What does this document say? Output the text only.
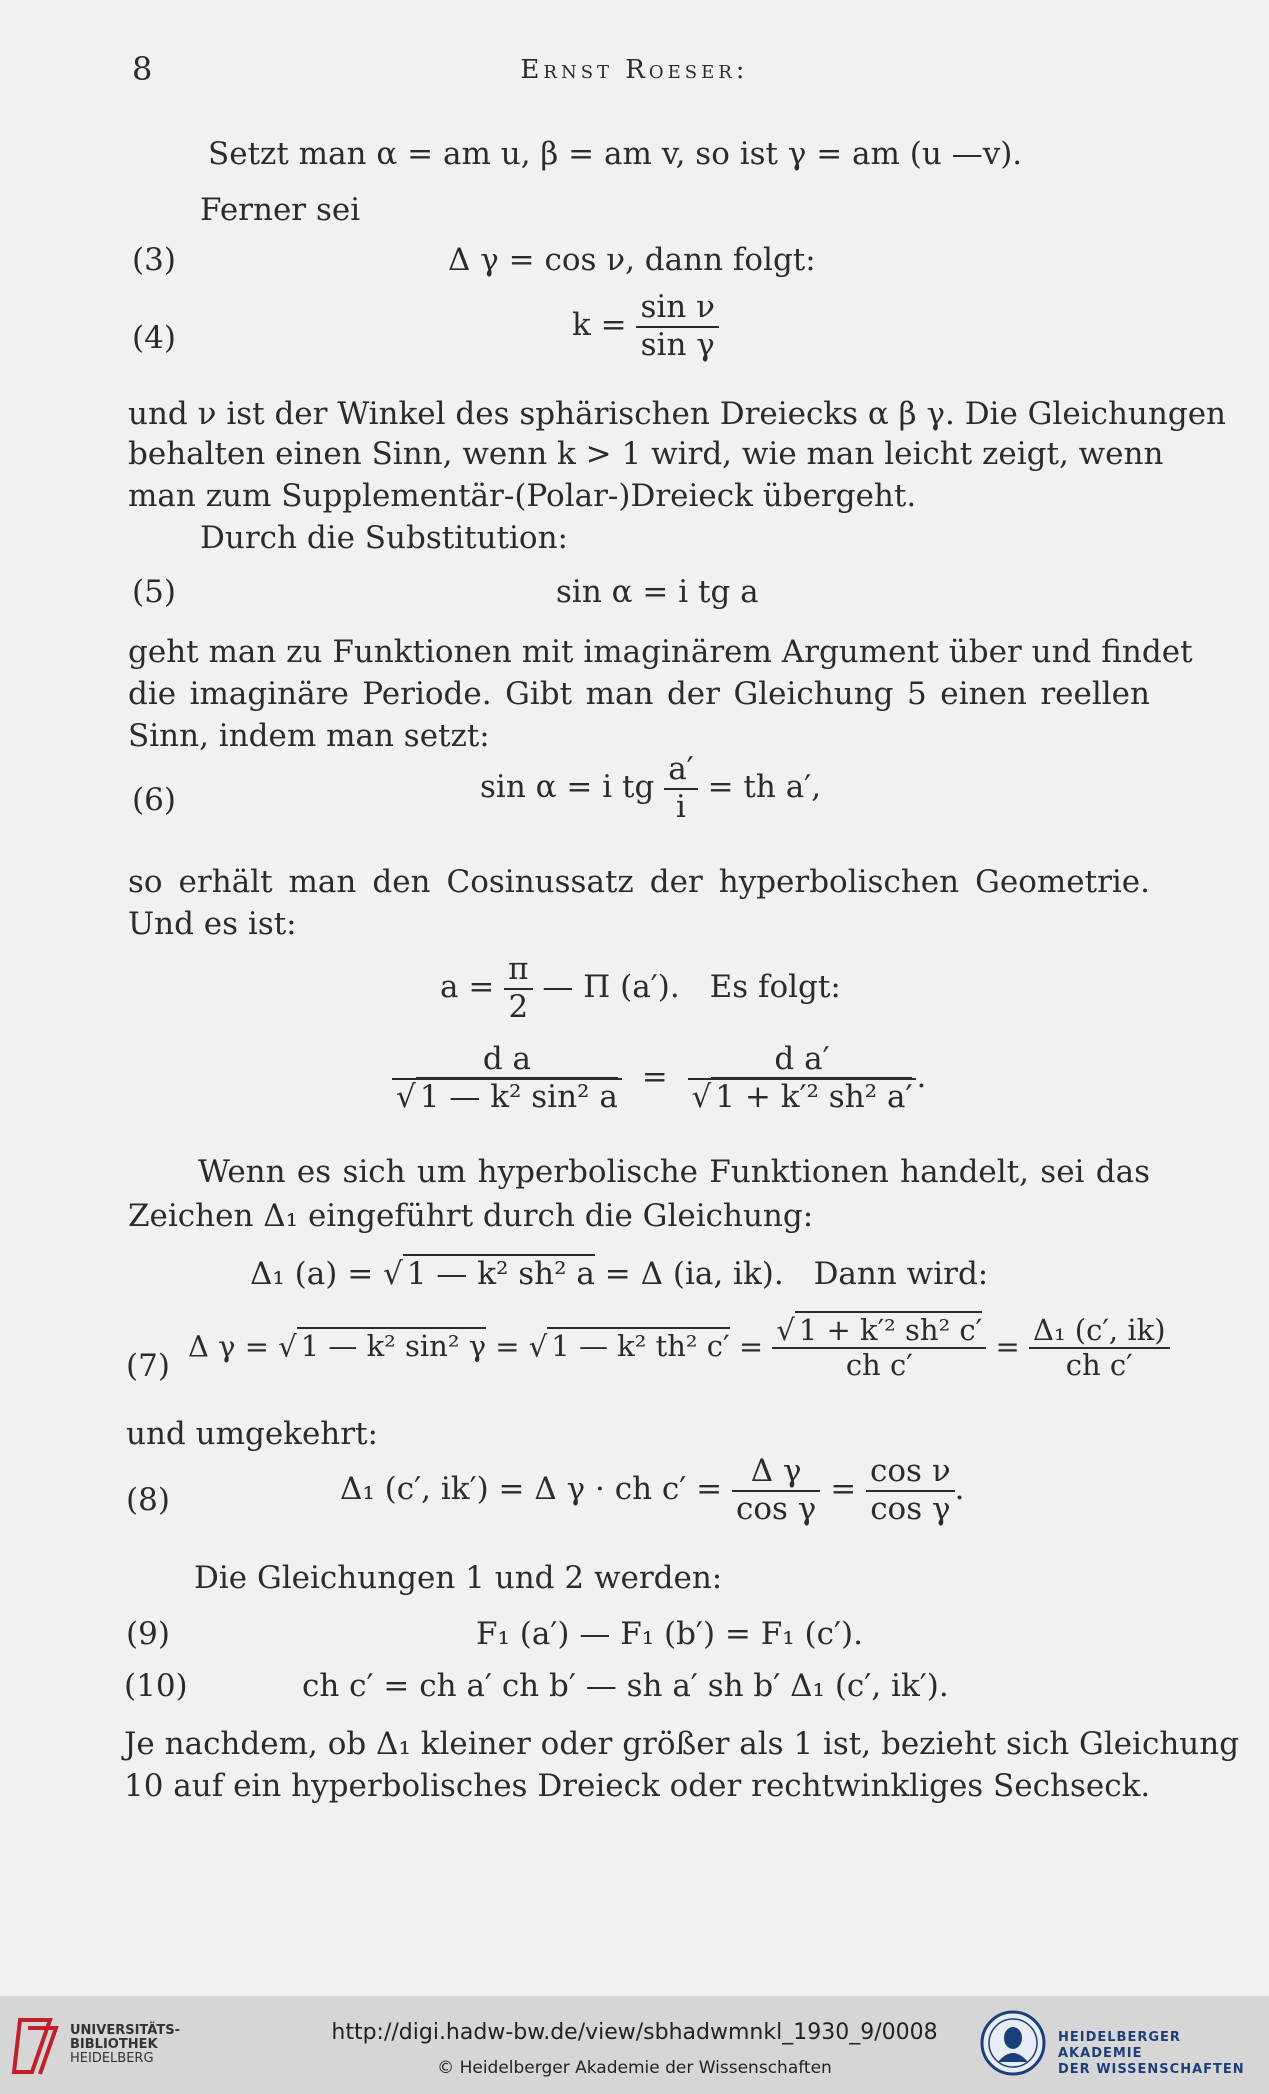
8	Ernst Roeser:
Setzt man α = am u, β = am v, so ist γ = am (u —v).
Ferner sei
(3)	Δ γ = cos ν, dann folgt:
(4)	$k = \frac{\text{sin ν}}{\text{sin γ}}$
und ν ist der Winkel des sphärischen Dreiecks α β γ. Die Gleichungen
behalten einen Sinn, wenn k > 1 wird, wie man leicht zeigt, wenn
man zum Supplementär-(Polar-)Dreieck übergeht.
Durch die Substitution:
(5)	sin α = i tg a
geht man zu Funktionen mit imaginärem Argument über und findet
die imaginäre Periode. Gibt man der Gleichung 5 einen reellen
Sinn, indem man setzt:
(6)	sin α = i tg $\frac{a'}{i}$ = th a′,
so erhält man den Cosinussatz der hyperbolischen Geometrie.
Und es ist:
$a = \frac{\pi}{2}$ — Π (a′). Es folgt:
$\frac{\text{d a}}{\text{√ 1 — k² sin² a}} = \frac{\text{d a′}}{\text{√ 1 + k′² sh² a′}}$ .
Wenn es sich um hyperbolische Funktionen handelt, sei das
Zeichen Δ₁ eingeführt durch die Gleichung:
Δ₁ (a) = √ 1 — k² sh² a = Δ (ia, ik). Dann wird:
(7)
Δ γ = √ 1 — k² sin² γ = √ 1 — k² th² $c' = \frac{\text{√ 1 + k′² sh² c′}}{\text{ch c′}} = \frac{\text{Δ₁ (c′, ik)}}{\text{ch c′}}$
und umgekehrt:
(8)	Δ₁ (c′, ik′) = Δ γ · ch $c' = \frac{\text{Δ γ}}{\text{cos γ}} = \frac{\text{cos ν}}{\text{cos γ}}$ .
Die Gleichungen 1 und 2 werden:
(9)	F₁ (a′) — F₁ (b′) = F₁ (c′).
(10)	ch c′ = ch a′ ch b′ — sh a′ sh b′ Δ₁ (c′, ik′).
Je nachdem, ob Δ₁ kleiner oder größer als 1 ist, bezieht sich Gleichung
10 auf ein hyperbolisches Dreieck oder rechtwinkliges Sechseck.
UNIVERSITÄTS-
BIBLIOTHEK
HEIDELBERG
http://digi.hadw-bw.de/view/sbhadwmnkl_1930_9/0008
© Heidelberger Akademie der Wissenschaften
HEIDELBERGER AKADEMIE
DER WISSENSCHAFTEN
